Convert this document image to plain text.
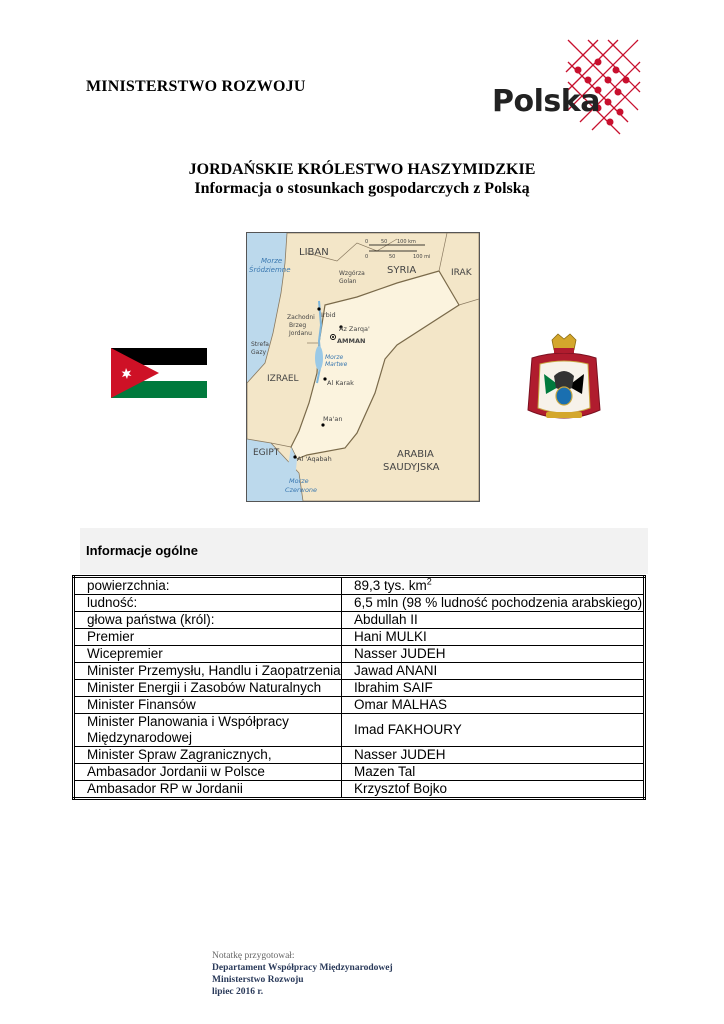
MINISTERSTWO ROZWOJU	Polska
JORDAŃSKIE KRÓLESTWO HASZYMIDZKIE
Informacja o stosunkach gospodarczych z Polską
0	50 100 km
0	50	100 mi
LIBAN
SYRIA	IRAK
Morze
Śródziemne	Wzgórza
Golan
Zachodni
Brzeg
Jordanu
Strefa
Gazy
Irbid
Az Zarqa'
AMMAN
Morze
Martwe
IZRAEL	Al Karak
Ma'an
EGIPT
Al 'Aqabah	ARABIA
SAUDYJSKA
Morze
Czerwone
Informacje ogólne
powierzchnia:	89,3 tys. $km^2$
ludność:	6,5 mln (98 % ludność pochodzenia arabskiego)
głowa państwa (król):	Abdullah II
Premier	Hani MULKI
Wicepremier	Nasser JUDEH
Minister Przemysłu, Handlu i Zaopatrzenia	Jawad ANANI
Minister Energii i Zasobów Naturalnych	Ibrahim SAIF
Minister Finansów	Omar MALHAS
Minister Planowania i Współpracy Międzynarodowej	Imad FAKHOURY
Minister Spraw Zagranicznych,	Nasser JUDEH
Ambasador Jordanii w Polsce	Mazen Tal
Ambasador RP w Jordanii	Krzysztof Bojko
Notatkę przygotował:
Departament Współpracy Międzynarodowej
Ministerstwo Rozwoju
lipiec 2016 r.
